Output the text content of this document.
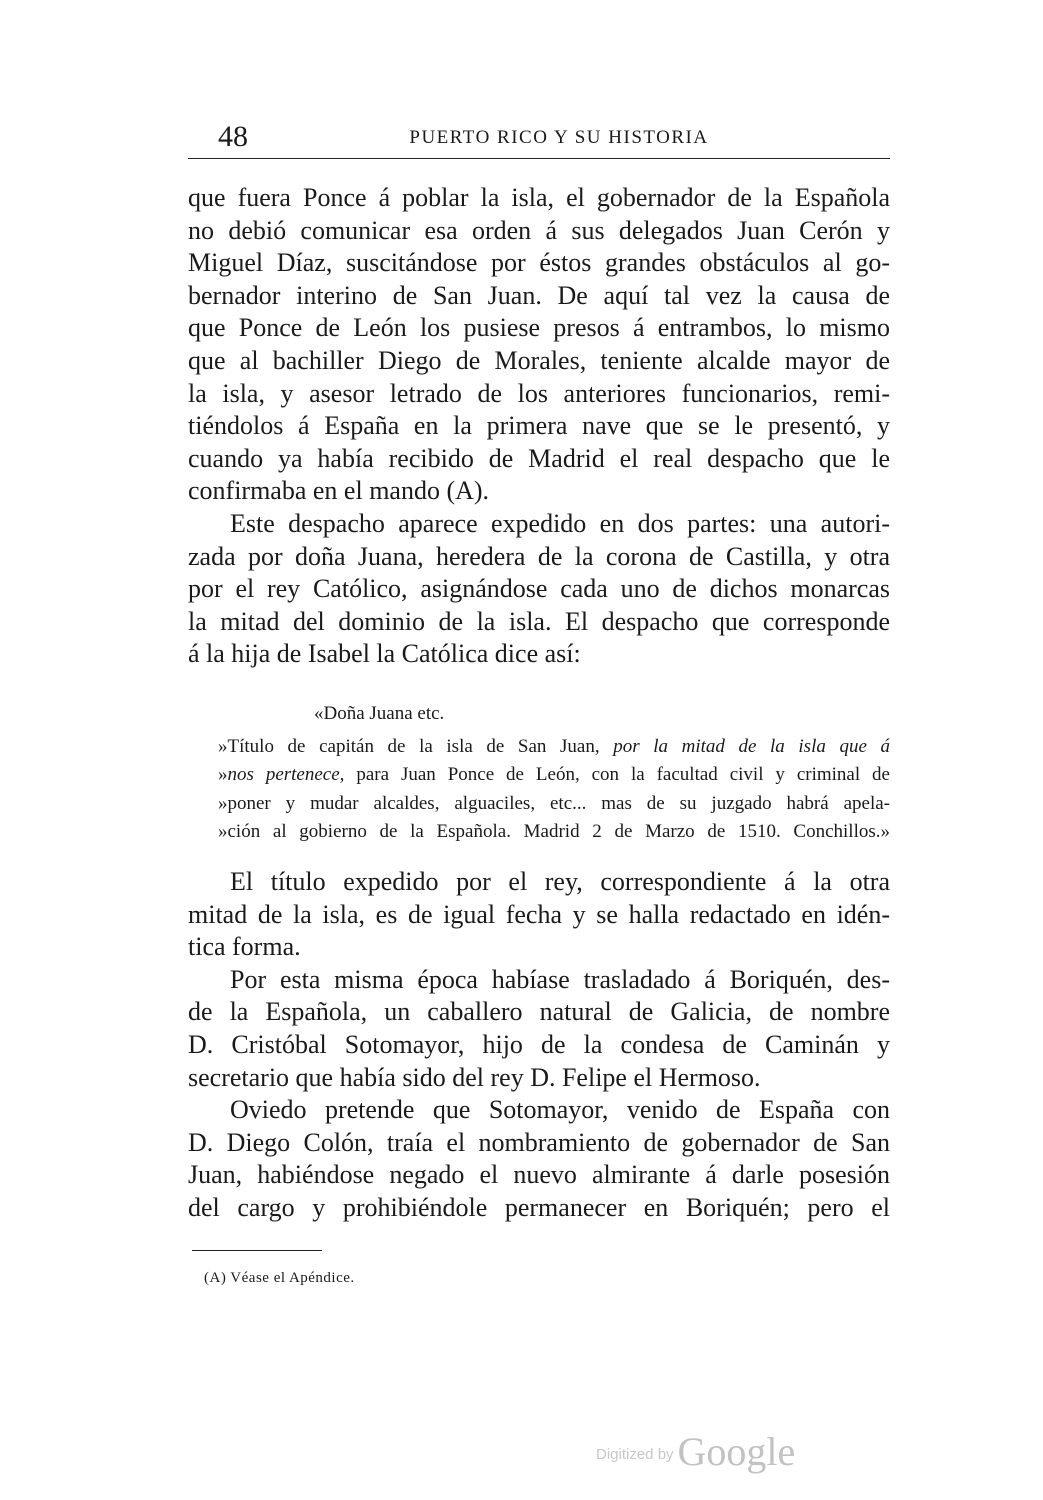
48	PUERTO RICO Y SU HISTORIA
que fuera Ponce á poblar la isla, el gobernador de la Española
no debió comunicar esa orden á sus delegados Juan Cerón y
Miguel Díaz, suscitándose por éstos grandes obstáculos al go-
bernador interino de San Juan. De aquí tal vez la causa de
que Ponce de León los pusiese presos á entrambos, lo mismo
que al bachiller Diego de Morales, teniente alcalde mayor de
la isla, y asesor letrado de los anteriores funcionarios, remi-
tiéndolos á España en la primera nave que se le presentó, y
cuando ya había recibido de Madrid el real despacho que le
confirmaba en el mando (A).
Este despacho aparece expedido en dos partes: una autori-
zada por doña Juana, heredera de la corona de Castilla, y otra
por el rey Católico, asignándose cada uno de dichos monarcas
la mitad del dominio de la isla. El despacho que corresponde
á la hija de Isabel la Católica dice así:
«Doña Juana etc.
»Título de capitán de la isla de San Juan, por la mitad de la isla que á
»nos pertenece, para Juan Ponce de León, con la facultad civil y criminal de
»poner y mudar alcaldes, alguaciles, etc... mas de su juzgado habrá apela-
»ción al gobierno de la Española. Madrid 2 de Marzo de 1510. Conchillos.»
El título expedido por el rey, correspondiente á la otra
mitad de la isla, es de igual fecha y se halla redactado en idén-
tica forma.
Por esta misma época habíase trasladado á Boriquén, des-
de la Española, un caballero natural de Galicia, de nombre
D. Cristóbal Sotomayor, hijo de la condesa de Caminán y
secretario que había sido del rey D. Felipe el Hermoso.
Oviedo pretende que Sotomayor, venido de España con
D. Diego Colón, traía el nombramiento de gobernador de San
Juan, habiéndose negado el nuevo almirante á darle posesión
del cargo y prohibiéndole permanecer en Boriquén; pero el
(A) Véase el Apéndice.
Digitized by Google
